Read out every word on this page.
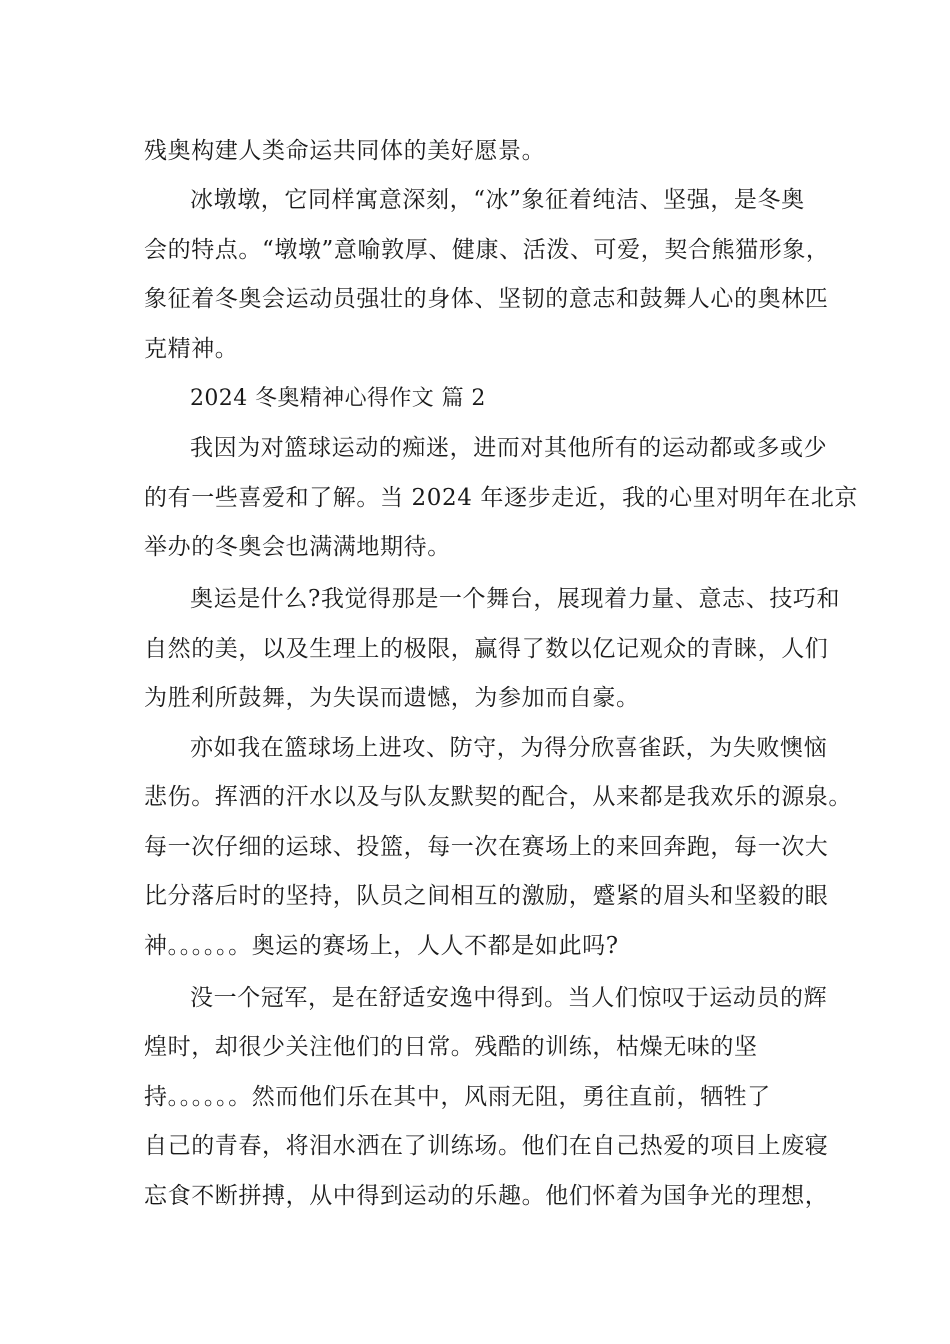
残奥构建人类命运共同体的美好愿景。
冰墩墩，它同样寓意深刻，“冰”象征着纯洁、坚强，是冬奥
会的特点。“墩墩”意喻敦厚、健康、活泼、可爱，契合熊猫形象，
象征着冬奥会运动员强壮的身体、坚韧的意志和鼓舞人心的奥林匹
克精神。
2024 冬奥精神心得作文 篇 2
我因为对篮球运动的痴迷，进而对其他所有的运动都或多或少
的有一些喜爱和了解。当 2024 年逐步走近，我的心里对明年在北京
举办的冬奥会也满满地期待。
奥运是什么?我觉得那是一个舞台，展现着力量、意志、技巧和
自然的美，以及生理上的极限，赢得了数以亿记观众的青睐，人们
为胜利所鼓舞，为失误而遗憾，为参加而自豪。
亦如我在篮球场上进攻、防守，为得分欣喜雀跃，为失败懊恼
悲伤。挥洒的汗水以及与队友默契的配合，从来都是我欢乐的源泉。
每一次仔细的运球、投篮，每一次在赛场上的来回奔跑，每一次大
比分落后时的坚持，队员之间相互的激励，蹙紧的眉头和坚毅的眼
神。。。。。。奥运的赛场上，人人不都是如此吗?
没一个冠军，是在舒适安逸中得到。当人们惊叹于运动员的辉
煌时，却很少关注他们的日常。残酷的训练，枯燥无味的坚
持。。。。。。然而他们乐在其中，风雨无阻，勇往直前，牺牲了
自己的青春，将泪水洒在了训练场。他们在自己热爱的项目上废寝
忘食不断拼搏，从中得到运动的乐趣。他们怀着为国争光的理想，
